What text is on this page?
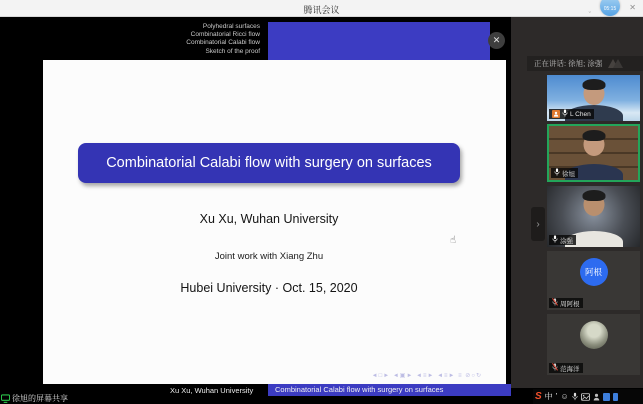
腾讯会议	ˬ	05:15 ✕
Polyhedral surfaces
Combinatorial Ricci flow
Combinatorial Calabi flow
Sketch of the proof
✕
Combinatorial Calabi flow with surgery on surfaces
Xu Xu, Wuhan University
Joint work with Xiang Zhu
Hubei University · Oct. 15, 2020
☝
◄□► ◄▣► ◄≡► ◄≡► ≡ ⊘○↻
Xu Xu, Wuhan University	Combinatorial Calabi flow with surgery on surfaces
正在讲话: 徐旭; 涂强
›
L Chen
徐旭
涂强
阿根
周阿根
范海洋
徐旭的屏幕共享	S 中 ’ ☺
